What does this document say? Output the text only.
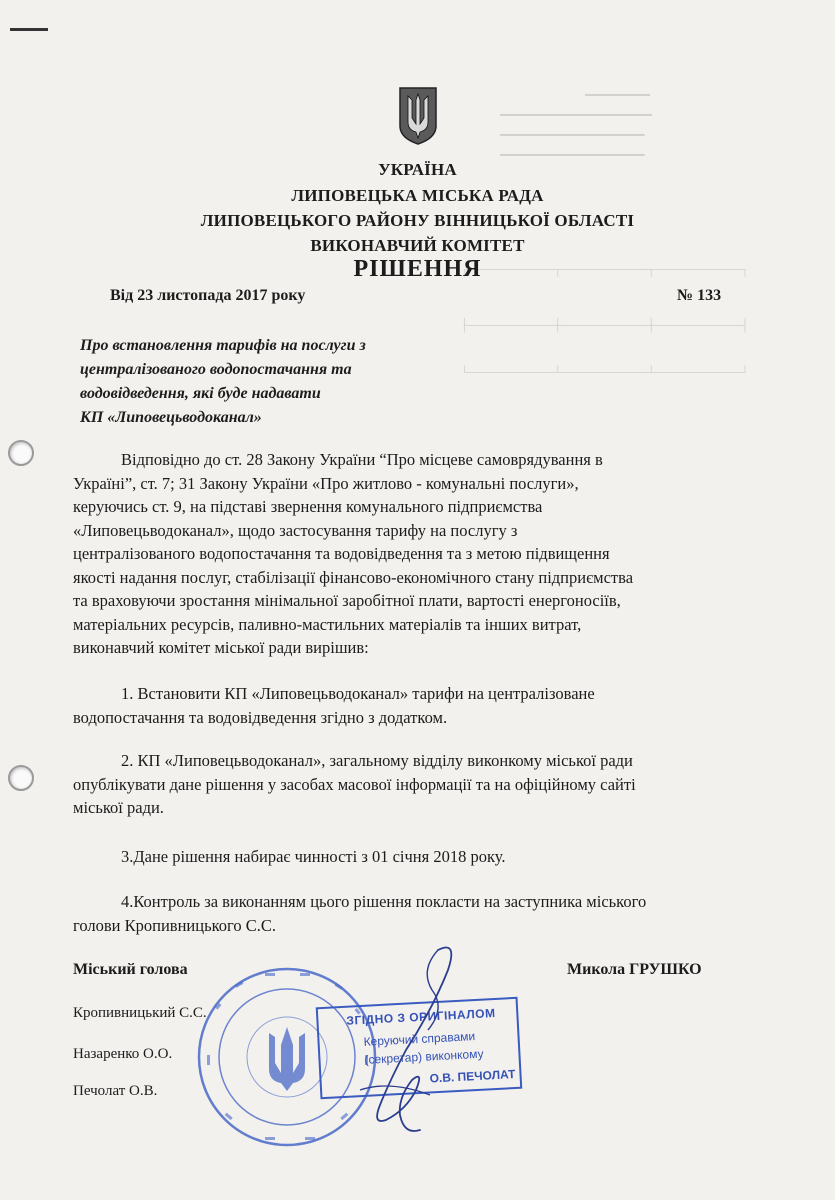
━━━━━━━━━
━━━━━━━━━━━━━━━━━━━━━
━━━━━━━━━━━━━━━━━━━━
━━━━━━━━━━━━━━━━━━━━
┌──────────┬──────────┬──────────┐
├──────────┼──────────┼──────────┤
└──────────┴──────────┴──────────┘
УКРАЇНА
ЛИПОВЕЦЬКА МІСЬКА РАДА
ЛИПОВЕЦЬКОГО РАЙОНУ ВІННИЦЬКОЇ ОБЛАСТІ
ВИКОНАВЧИЙ КОМІТЕТ
РІШЕННЯ
Від 23 листопада 2017 року	№ 133
Про встановлення тарифів на послуги з
централізованого водопостачання та
водовідведення, які буде надавати
КП «Липовецьводоканал»
Відповідно до ст. 28 Закону України “Про місцеве самоврядування в
Україні”, ст. 7; 31 Закону України «Про житлово - комунальні послуги»,
керуючись ст. 9, на підставі звернення комунального підприємства
«Липовецьводоканал», щодо застосування тарифу на послугу з
централізованого водопостачання та водовідведення та з метою підвищення
якості надання послуг, стабілізації фінансово-економічного стану підприємства
та враховуючи зростання мінімальної заробітної плати, вартості енергоносіїв,
матеріальних ресурсів, паливно-мастильних матеріалів та інших витрат,
виконавчий комітет міської ради вирішив:
1. Встановити КП «Липовецьводоканал» тарифи на централізоване
водопостачання та водовідведення згідно з додатком.
2. КП «Липовецьводоканал», загальному відділу виконкому міської ради
опублікувати дане рішення у засобах масової інформації та на офіційному сайті
міської ради.
3.Дане рішення набирає чинності з 01 січня 2018 року.
4.Контроль за виконанням цього рішення покласти на заступника міського
голови Кропивницького С.С.
Міський голова	Микола ГРУШКО
Кропивницький С.С.
Назаренко О.О.
Печолат О.В.
ЗГІДНО З ОРИГІНАЛОМ
Керуючий справами
(секретар) виконкому
О.В. ПЕЧОЛАТ
